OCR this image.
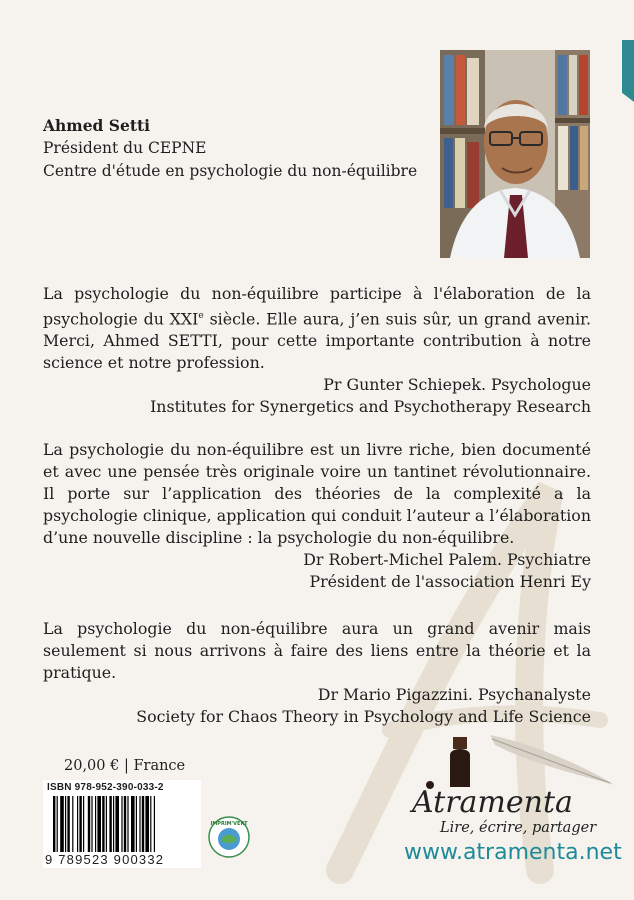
Ahmed Setti
Président du CEPNE
Centre d'étude en psychologie du non-équilibre

La psychologie du non-équilibre participe à l'élaboration de la psychologie du XXIe siècle. Elle aura, j’en suis sûr, un grand avenir. Merci, Ahmed SETTI, pour cette importante contribution à notre science et notre profession.

Pr Gunter Schiepek. Psychologue
Institutes for Synergetics and Psychotherapy Research

La psychologie du non-équilibre est un livre riche, bien documenté et avec une pensée très originale voire un tantinet révolutionnaire. Il porte sur l’application des théories de la complexité a la psychologie clinique, application qui conduit l’auteur a l’élaboration d’une nouvelle discipline : la psychologie du non-équilibre.

Dr Robert-Michel Palem. Psychiatre
Président de l'association Henri Ey

La psychologie du non-équilibre aura un grand avenir mais seulement si nous arrivons à faire des liens entre la théorie et la pratique.

Dr Mario Pigazzini. Psychanalyste
Society for Chaos Theory in Psychology and Life Science
20,00 € | France
ISBN 978-952-390-033-2
9 789523 900332
IMPRIM'VERT
Atramenta
Lire, écrire, partager
www.atramenta.net
